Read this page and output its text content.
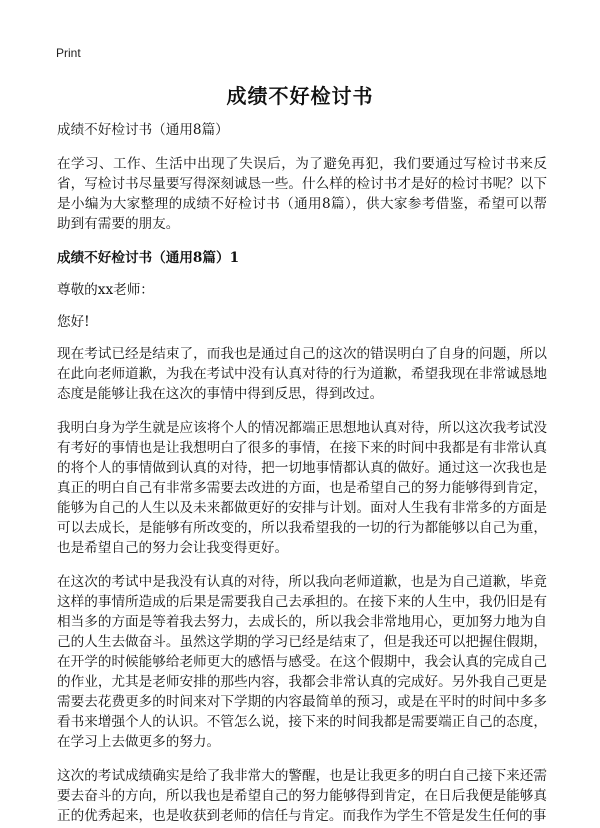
Print
成绩不好检讨书

成绩不好检讨书（通用8篇）

在学习、工作、生活中出现了失误后，为了避免再犯，我们要通过写检讨书来反省，写检讨书尽量要写得深刻诚恳一些。什么样的检讨书才是好的检讨书呢？以下是小编为大家整理的成绩不好检讨书（通用8篇），供大家参考借鉴，希望可以帮助到有需要的朋友。

成绩不好检讨书（通用8篇）1

尊敬的xx老师：

您好!

现在考试已经是结束了，而我也是通过自己的这次的错误明白了自身的问题，所以在此向老师道歉，为我在考试中没有认真对待的行为道歉，希望我现在非常诚恳地态度是能够让我在这次的事情中得到反思，得到改过。

我明白身为学生就是应该将个人的情况都端正思想地认真对待，所以这次我考试没有考好的事情也是让我想明白了很多的事情，在接下来的时间中我都是有非常认真的将个人的事情做到认真的对待，把一切地事情都认真的做好。通过这一次我也是真正的明白自己有非常多需要去改进的方面，也是希望自己的努力能够得到肯定，能够为自己的人生以及未来都做更好的安排与计划。面对人生我有非常多的方面是可以去成长，是能够有所改变的，所以我希望我的一切的行为都能够以自己为重，也是希望自己的努力会让我变得更好。

在这次的考试中是我没有认真的对待，所以我向老师道歉，也是为自己道歉，毕竟这样的事情所造成的后果是需要我自己去承担的。在接下来的人生中，我仍旧是有相当多的方面是等着我去努力，去成长的，所以我会非常地用心，更加努力地为自己的人生去做奋斗。虽然这学期的学习已经是结束了，但是我还可以把握住假期，在开学的时候能够给老师更大的感悟与感受。在这个假期中，我会认真的完成自己的作业，尤其是老师安排的那些内容，我都会非常认真的完成好。另外我自己更是需要去花费更多的时间来对下学期的内容最简单的预习，或是在平时的时间中多多看书来增强个人的认识。不管怎么说，接下来的时间我都是需要端正自己的态度，在学习上去做更多的努力。

这次的考试成绩确实是给了我非常大的警醒，也是让我更多的明白自己接下来还需要去奋斗的方向，所以我也是希望自己的努力能够得到肯定，在日后我便是能够真正的优秀起来，也是收获到老师的信任与肯定。而我作为学生不管是发生任何的事
